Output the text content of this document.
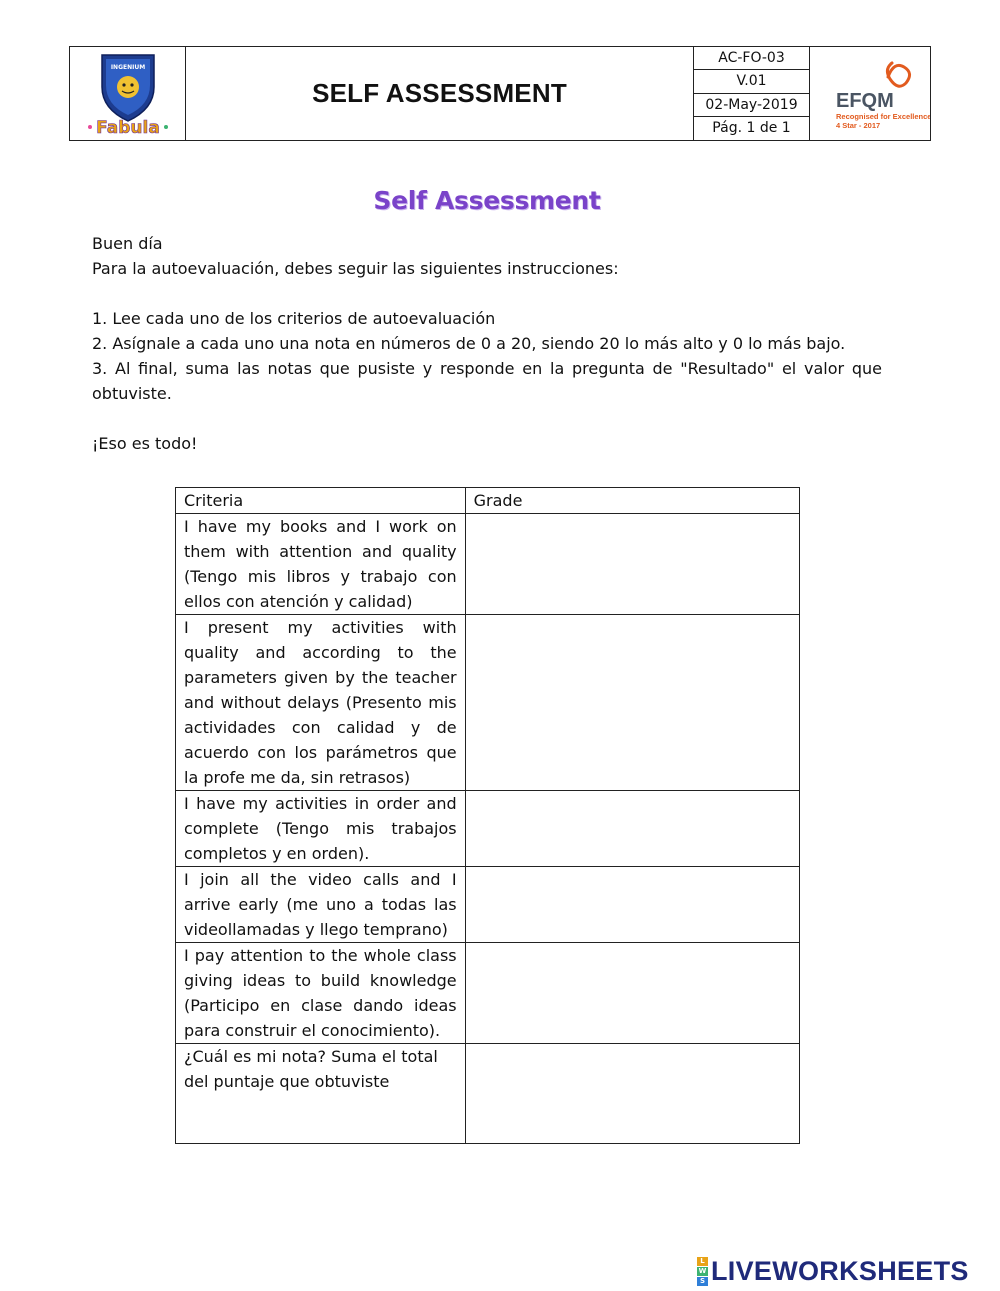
INGENIUM
Fabula
SELF ASSESSMENT
AC-FO-03
V.01
02-May-2019
Pág. 1 de 1
EFQM
Recognised for Excellence
4 Star - 2017
Self Assessment

Buen día

Para la autoevaluación, debes seguir las siguientes instrucciones:

1. Lee cada uno de los criterios de autoevaluación

2. Asígnale a cada uno una nota en números de 0 a 20, siendo 20 lo más alto y 0 lo más bajo.

3. Al final, suma las notas que pusiste y responde en la pregunta de "Resultado" el valor que obtuviste.

¡Eso es todo!

Criteria	Grade
I have my books and I work on them with attention and quality (Tengo mis libros y trabajo con ellos con atención y calidad)	
I present my activities with quality and according to the parameters given by the teacher and without delays (Presento mis actividades con calidad y de acuerdo con los parámetros que la profe me da, sin retrasos)	
I have my activities in order and complete (Tengo mis trabajos completos y en orden).	
I join all the video calls and I arrive early (me uno a todas las videollamadas y llego temprano)	
I pay attention to the whole class giving ideas to build knowledge (Participo en clase dando ideas para construir el conocimiento).	
¿Cuál es mi nota? Suma el total del puntaje que obtuviste	
L
W
S LIVEWORKSHEETS
